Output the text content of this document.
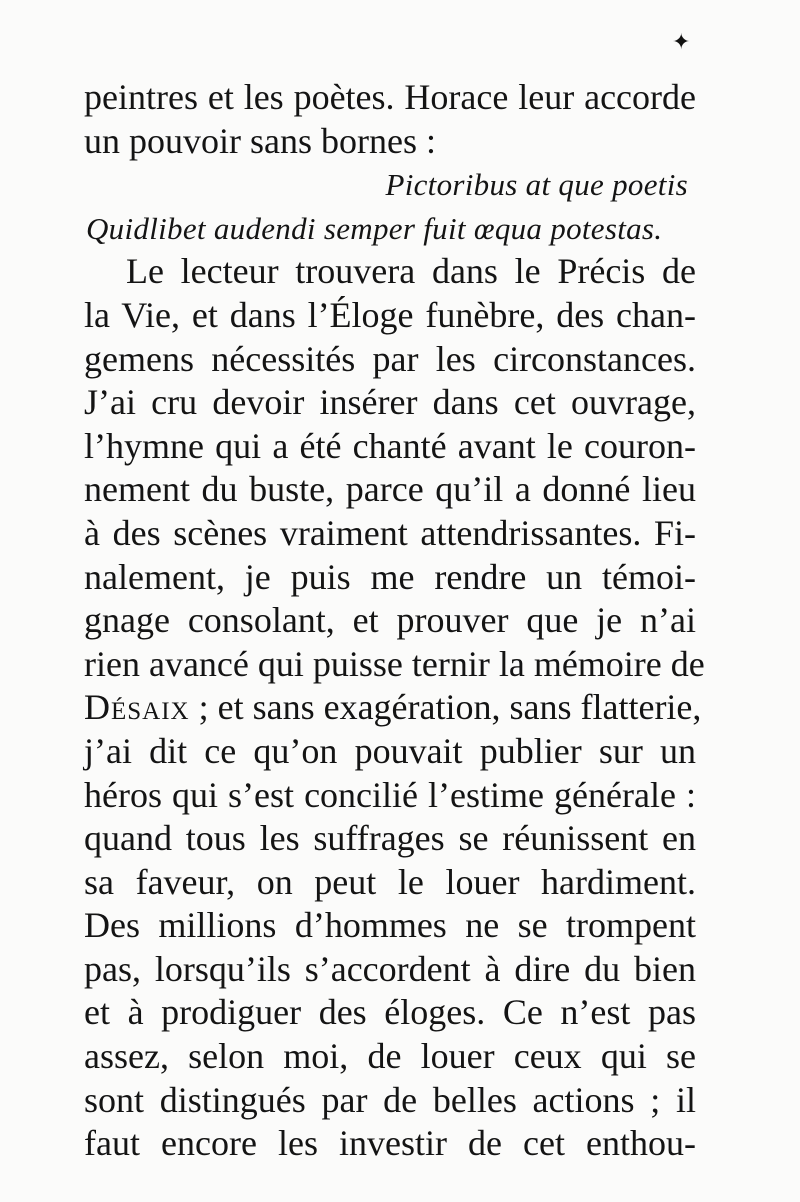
✦
peintres et les poètes. Horace leur accorde
un pouvoir sans bornes :
Pictoribus at que poetis
Quidlibet audendi semper fuit œqua potestas.
Le lecteur trouvera dans le Précis de
la Vie, et dans l’Éloge funèbre, des chan-
gemens nécessités par les circonstances.
J’ai cru devoir insérer dans cet ouvrage,
l’hymne qui a été chanté avant le couron-
nement du buste, parce qu’il a donné lieu
à des scènes vraiment attendrissantes. Fi-
nalement, je puis me rendre un témoi-
gnage consolant, et prouver que je n’ai
rien avancé qui puisse ternir la mémoire de
Désaix ; et sans exagération, sans flatterie,
j’ai dit ce qu’on pouvait publier sur un
héros qui s’est concilié l’estime générale :
quand tous les suffrages se réunissent en
sa faveur, on peut le louer hardiment.
Des millions d’hommes ne se trompent
pas, lorsqu’ils s’accordent à dire du bien
et à prodiguer des éloges. Ce n’est pas
assez, selon moi, de louer ceux qui se
sont distingués par de belles actions ; il
faut encore les investir de cet enthou-
